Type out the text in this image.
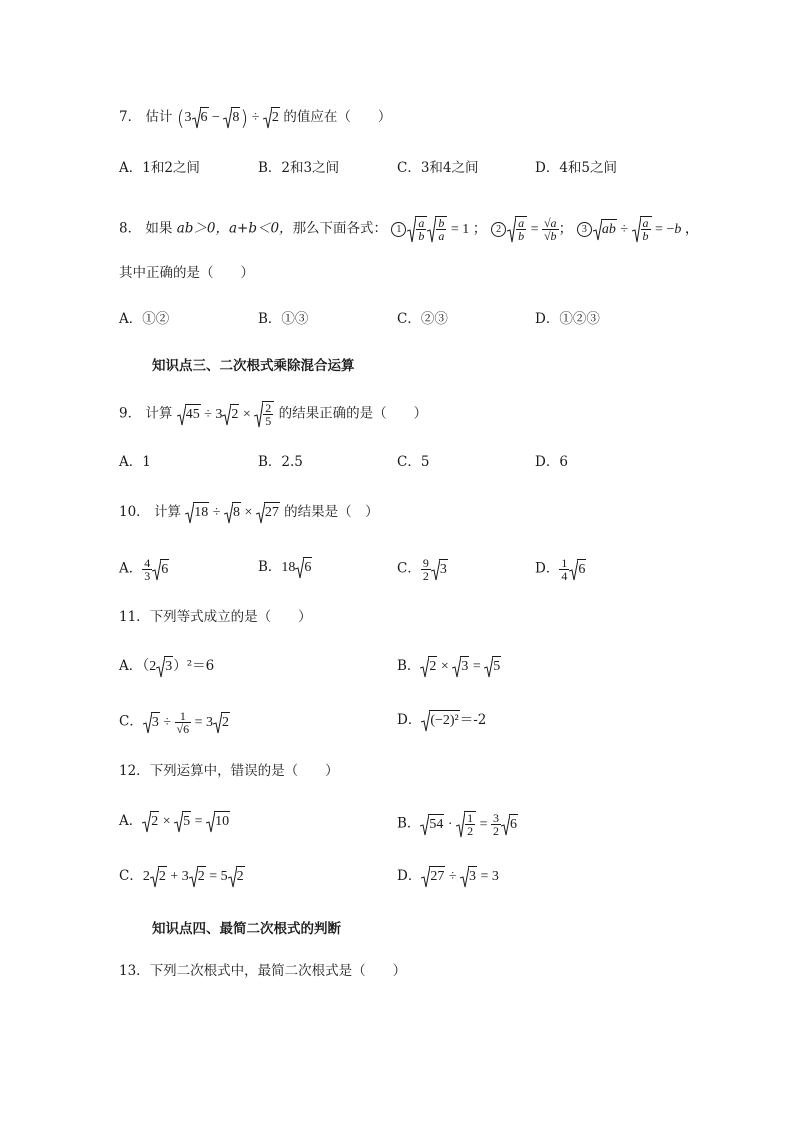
7． 估计 (3 6 −
8) ÷
2 的值应在（　　）
A．1和2之间	B．2和3之间	C．3和4之间	D．4和5之间
8． 如果 ab＞0，a+b＜0，那么下面各式： $1 \frac{a}{b} \frac{b}{a} = 1$ ； $2 \frac{a}{b} = \frac{√a}{√b}$ ； 3 ab ÷ $\frac{a}{b} = -b$ ，
其中正确的是（　　）
A．①②	B．①③	C．②③	D．①②③
知识点三、二次根式乘除混合运算
9． 计算 45 ÷ 3 $2 \times \frac{2}{5}$ 的结果正确的是（　　）
A．1	B．2.5	C．5	D．6
10． 计算 18 ÷
8 ×
27 的结果是（　）
A． $\frac{4}{3} 6$	B．18 6	C． $\frac{9}{2} 3$	D． $\frac{1}{4} 6$
11．下列等式成立的是（　　）
A．（2 3）²＝6	B． 2 ×
3 =
5
C． $3 \div \frac{1}{√6} = 3$ 2	D． (−2)²＝-2
12．下列运算中，错误的是（　　）
A． 2 ×
5 =
10	B． $54 \cdot \frac{1}{2} = \frac{3}{2} 6$
C．2 2 + 3 2 = 5 2	D． 27 ÷
3 = 3
知识点四、最简二次根式的判断
13．下列二次根式中，最简二次根式是（　　）
